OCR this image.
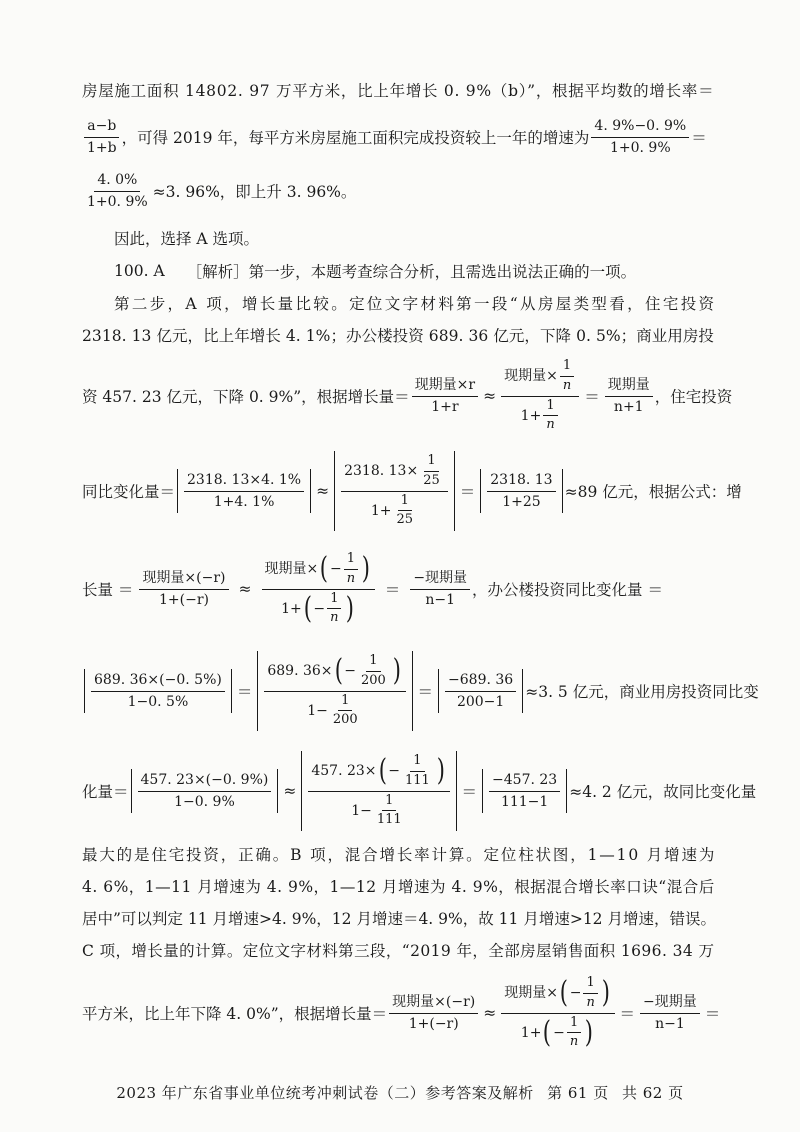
房屋施工面积 14802. 97 万平方米，比上年增长 0. 9%（b）”，根据平均数的增长率＝
$\frac{a-b}{1+b}$ ，可得 2019 年，每平方米房屋施工面积完成投资较上一年的增速为 $\frac{4. 9\%-0. 9\%}{1+0. 9\%}$ ＝
$\frac{4. 0\%}{1+0. 9\%} \approx 3$. 96%，即上升 3. 96%。
因此，选择 A 选项。
100. A ［解析］第一步，本题考查综合分析，且需选出说法正确的一项。
第二步，A 项，增长量比较。定位文字材料第一段“从房屋类型看，住宅投资
2318. 13 亿元，比上年增长 4. 1%；办公楼投资 689. 36 亿元，下降 0. 5%；商业用房投
资 457. 23 亿元，下降 0. 9%”，根据增长量＝ $\frac{\text{现期量×r}}{1+r} \approx \frac{现期量\times \frac{1}{n}}{1+ \frac{1}{n}} = \frac{\text{现期量}}{n+1}$ ，住宅投资
同比变化量＝ $\frac{2318. 13\times 4. 1\%}{1+4. 1\%} \approx \frac{2318. 13\times \frac{1}{25}}{1+ \frac{1}{25}} = \frac{2318. 13}{1+25} \approx 89$ 亿元，根据公式：增
长量 ＝ $\frac{\text{现期量×(−r)}}{1+(-r)} \approx \frac{现期量\times ( - \frac{1}{n} )}{1+ ( - \frac{1}{n} )} = \frac{\text{−现期量}}{n-1}$ ，办公楼投资同比变化量 ＝
$\frac{689. 36\times(-0. 5\%)}{1-0. 5\%} = \frac{689. 36\times ( - \frac{1}{200} )}{1- \frac{1}{200}} = \frac{-689. 36}{200-1} \approx 3$. 5 亿元，商业用房投资同比变
化量＝ $\frac{457. 23\times(-0. 9\%)}{1-0. 9\%} \approx \frac{457. 23\times ( - \frac{1}{111} )}{1- \frac{1}{111}} = \frac{-457. 23}{111-1} \approx 4$. 2 亿元，故同比变化量
最大的是住宅投资，正确。B 项，混合增长率计算。定位柱状图，1—10 月增速为
4. 6%，1—11 月增速为 4. 9%，1—12 月增速为 4. 9%，根据混合增长率口诀“混合后
居中”可以判定 11 月增速>4. 9%，12 月增速＝4. 9%，故 11 月增速>12 月增速，错误。
C 项，增长量的计算。定位文字材料第三段，“2019 年，全部房屋销售面积 1696. 34 万
平方米，比上年下降 4. 0%”，根据增长量＝ $\frac{\text{现期量×(−r)}}{1+(-r)} \approx \frac{现期量\times ( - \frac{1}{n} )}{1+ ( - \frac{1}{n} )} = \frac{\text{−现期量}}{n-1}$ ＝
2023 年广东省事业单位统考冲刺试卷（二）参考答案及解析 第 61 页 共 62 页
